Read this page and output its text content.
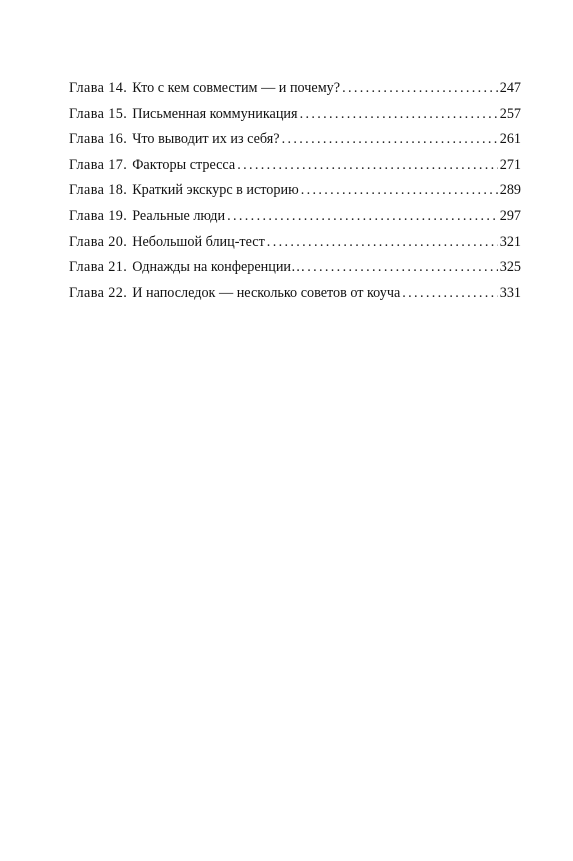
Глава 14. Кто с кем совместим — и почему? . . .	247
Глава 15. Письменная коммуникация . . .	257
Глава 16. Что выводит их из себя? . . .	261
Глава 17. Факторы стресса . . .	271
Глава 18. Краткий экскурс в историю . . .	289
Глава 19. Реальные люди . . .	297
Глава 20. Небольшой блиц-тест . . .	321
Глава 21. Однажды на конференции… . . .	325
Глава 22. И напоследок — несколько советов от коуча . . .	331
